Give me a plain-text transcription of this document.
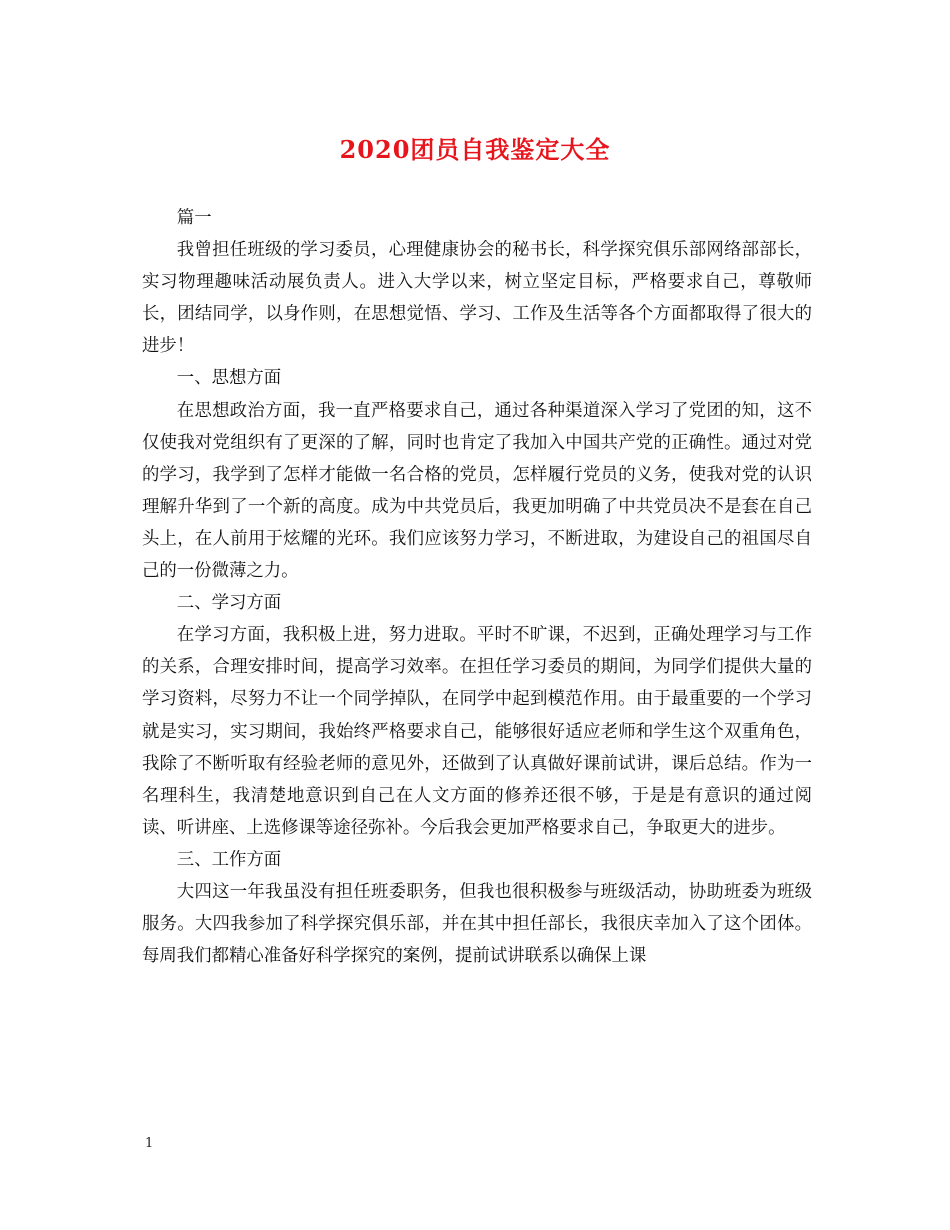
2020团员自我鉴定大全

篇一

我曾担任班级的学习委员，心理健康协会的秘书长，科学探究俱乐部网络部部长，实习物理趣味活动展负责人。进入大学以来，树立坚定目标，严格要求自己，尊敬师长，团结同学，以身作则，在思想觉悟、学习、工作及生活等各个方面都取得了很大的进步！

一、思想方面

在思想政治方面，我一直严格要求自己，通过各种渠道深入学习了党团的知，这不仅使我对党组织有了更深的了解，同时也肯定了我加入中国共产党的正确性。通过对党的学习，我学到了怎样才能做一名合格的党员，怎样履行党员的义务，使我对党的认识理解升华到了一个新的高度。成为中共党员后，我更加明确了中共党员决不是套在自己头上，在人前用于炫耀的光环。我们应该努力学习，不断进取，为建设自己的祖国尽自己的一份微薄之力。

二、学习方面

在学习方面，我积极上进，努力进取。平时不旷课，不迟到，正确处理学习与工作的关系，合理安排时间，提高学习效率。在担任学习委员的期间，为同学们提供大量的学习资料，尽努力不让一个同学掉队，在同学中起到模范作用。由于最重要的一个学习就是实习，实习期间，我始终严格要求自己，能够很好适应老师和学生这个双重角色，我除了不断听取有经验老师的意见外，还做到了认真做好课前试讲，课后总结。作为一名理科生，我清楚地意识到自己在人文方面的修养还很不够，于是是有意识的通过阅读、听讲座、上选修课等途径弥补。今后我会更加严格要求自己，争取更大的进步。

三、工作方面

大四这一年我虽没有担任班委职务，但我也很积极参与班级活动，协助班委为班级服务。大四我参加了科学探究俱乐部，并在其中担任部长，我很庆幸加入了这个团体。每周我们都精心准备好科学探究的案例，提前试讲联系以确保上课

1
